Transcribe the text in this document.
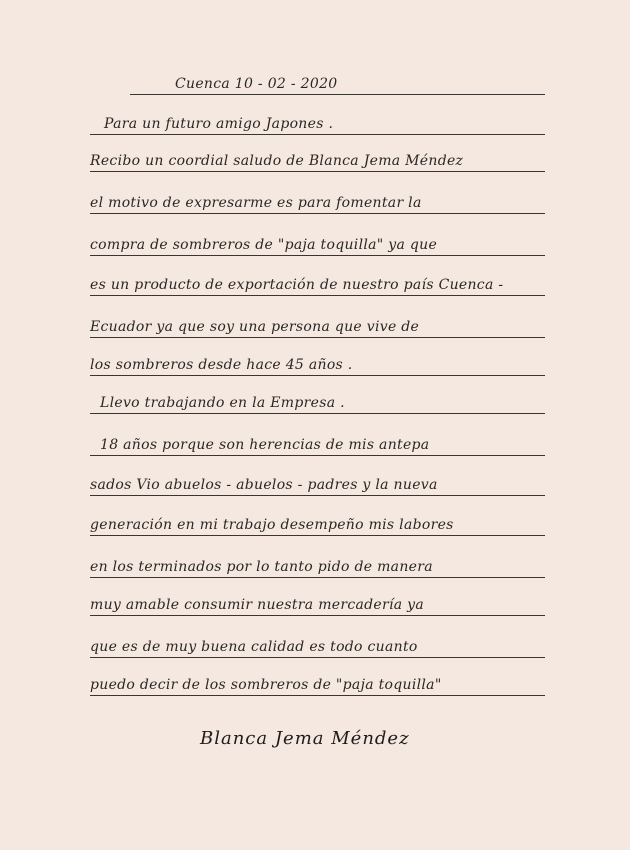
Cuenca 10 - 02 - 2020
Para un futuro amigo Japones .
Recibo un coordial saludo de Blanca Jema Méndez
el motivo de expresarme es para fomentar la
compra de sombreros de "paja toquilla" ya que
es un producto de exportación de nuestro país Cuenca -
Ecuador ya que soy una persona que vive de
los sombreros desde hace 45 años .
Llevo trabajando en la Empresa .
18 años porque son herencias de mis antepa
sados Vio abuelos - abuelos - padres y la nueva
generación en mi trabajo desempeño mis labores
en los terminados por lo tanto pido de manera
muy amable consumir nuestra mercadería ya
que es de muy buena calidad es todo cuanto
puedo decir de los sombreros de "paja toquilla"
Blanca Jema Méndez
